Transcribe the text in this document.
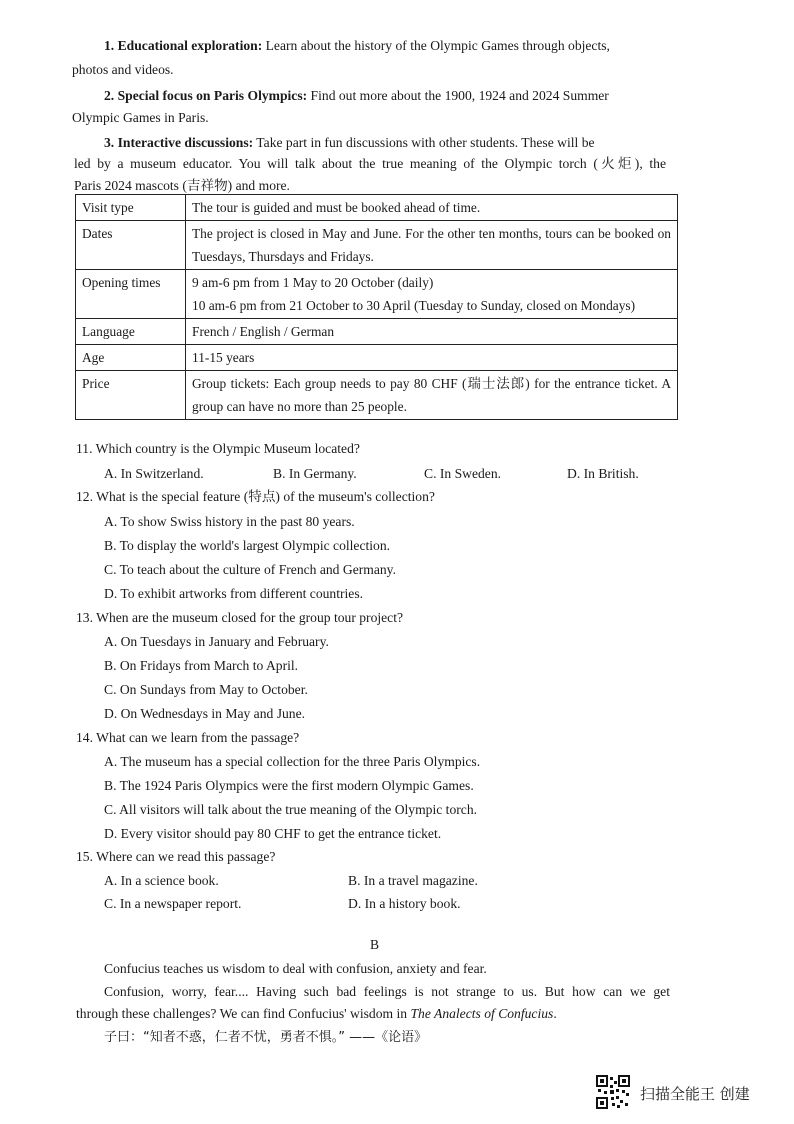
1. Educational exploration: Learn about the history of the Olympic Games through objects,
photos and videos.
2. Special focus on Paris Olympics: Find out more about the 1900, 1924 and 2024 Summer
Olympic Games in Paris.
3. Interactive discussions: Take part in fun discussions with other students. These will be
led by a museum educator. You will talk about the true meaning of the Olympic torch (火炬), the
Paris 2024 mascots (吉祥物) and more.
Visit type	The tour is guided and must be booked ahead of time.
Dates	The project is closed in May and June. For the other ten months, tours can be booked on Tuesdays, Thursdays and Fridays.
Opening times	9 am-6 pm from 1 May to 20 October (daily)
10 am-6 pm from 21 October to 30 April (Tuesday to Sunday, closed on Mondays)

Language	French / English / German
Age	11-15 years
Price	Group tickets: Each group needs to pay 80 CHF (瑞士法郎) for the entrance ticket. A group can have no more than 25 people.
11. Which country is the Olympic Museum located?
A. In Switzerland.	B. In Germany.	C. In Sweden.	D. In British.
12. What is the special feature (特点) of the museum's collection?
A. To show Swiss history in the past 80 years.
B. To display the world's largest Olympic collection.
C. To teach about the culture of French and Germany.
D. To exhibit artworks from different countries.
13. When are the museum closed for the group tour project?
A. On Tuesdays in January and February.
B. On Fridays from March to April.
C. On Sundays from May to October.
D. On Wednesdays in May and June.
14. What can we learn from the passage?
A. The museum has a special collection for the three Paris Olympics.
B. The 1924 Paris Olympics were the first modern Olympic Games.
C. All visitors will talk about the true meaning of the Olympic torch.
D. Every visitor should pay 80 CHF to get the entrance ticket.
15. Where can we read this passage?
A. In a science book.	B. In a travel magazine.
C. In a newspaper report.	D. In a history book.
B
Confucius teaches us wisdom to deal with confusion, anxiety and fear.
Confusion, worry, fear.... Having such bad feelings is not strange to us. But how can we get
through these challenges? We can find Confucius' wisdom in The Analects of Confucius.
子曰：“知者不惑，仁者不忧，勇者不惧。” ——《论语》
扫描全能王 创建
